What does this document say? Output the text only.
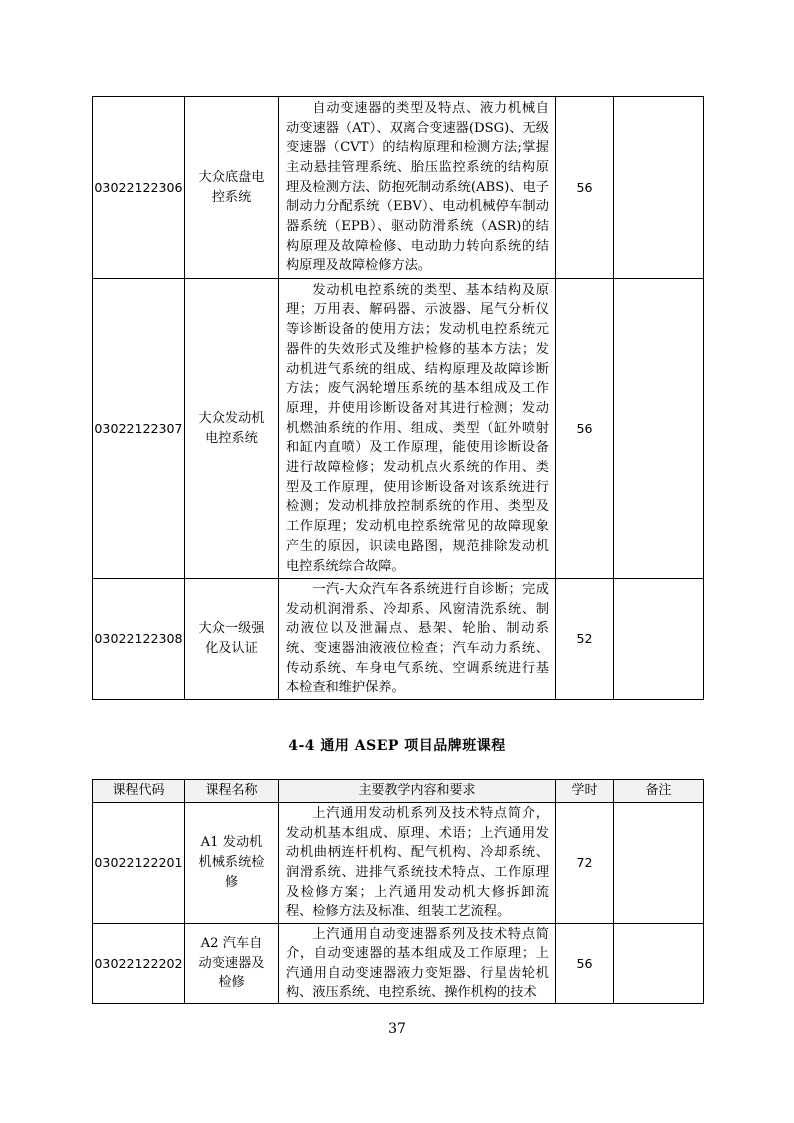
03022122306	大众底盘电控系统	自动变速器的类型及特点、液力机械自动变速器（AT）、双离合变速器(DSG)、无级变速器（CVT）的结构原理和检测方法;掌握主动悬挂管理系统、胎压监控系统的结构原理及检测方法、防抱死制动系统(ABS)、电子制动力分配系统（EBV）、电动机械停车制动器系统（EPB）、驱动防滑系统（ASR)的结构原理及故障检修、电动助力转向系统的结构原理及故障检修方法。	56	
03022122307	大众发动机电控系统	发动机电控系统的类型、基本结构及原理；万用表、解码器、示波器、尾气分析仪等诊断设备的使用方法；发动机电控系统元器件的失效形式及维护检修的基本方法；发动机进气系统的组成、结构原理及故障诊断方法；废气涡轮增压系统的基本组成及工作原理，并使用诊断设备对其进行检测；发动机燃油系统的作用、组成、类型（缸外喷射和缸内直喷）及工作原理，能使用诊断设备进行故障检修；发动机点火系统的作用、类型及工作原理，使用诊断设备对该系统进行检测；发动机排放控制系统的作用、类型及工作原理；发动机电控系统常见的故障现象产生的原因，识读电路图，规范排除发动机电控系统综合故障。	56	
03022122308	大众一级强化及认证	一汽-大众汽车各系统进行自诊断；完成发动机润滑系、冷却系、风窗清洗系统、制动液位以及泄漏点、悬架、轮胎、制动系统、变速器油液液位检查；汽车动力系统、传动系统、车身电气系统、空调系统进行基本检查和维护保养。	52	
4-4 通用 ASEP 项目品牌班课程
课程代码	课程名称	主要教学内容和要求	学时	备注
03022122201	A1 发动机机械系统检修	上汽通用发动机系列及技术特点简介，发动机基本组成、原理、术语；上汽通用发动机曲柄连杆机构、配气机构、冷却系统、润滑系统、进排气系统技术特点、工作原理及检修方案；上汽通用发动机大修拆卸流程、检修方法及标准、组装工艺流程。	72	
03022122202	A2 汽车自动变速器及检修	上汽通用自动变速器系列及技术特点简介，自动变速器的基本组成及工作原理；上汽通用自动变速器液力变矩器、行星齿轮机构、液压系统、电控系统、操作机构的技术	56	
37
